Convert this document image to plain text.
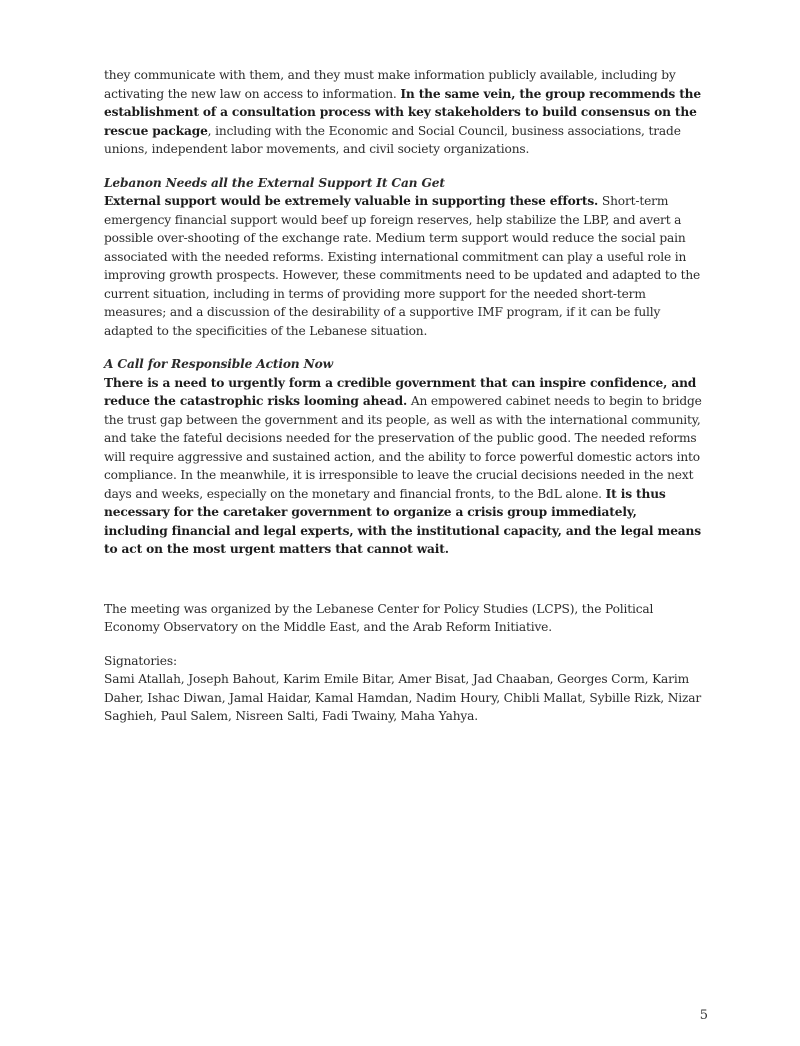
they communicate with them, and they must make information publicly available, including by activating the new law on access to information. In the same vein, the group recommends the establishment of a consultation process with key stakeholders to build consensus on the rescue package, including with the Economic and Social Council, business associations, trade unions, independent labor movements, and civil society organizations.

Lebanon Needs all the External Support It Can Get

External support would be extremely valuable in supporting these efforts. Short-term emergency financial support would beef up foreign reserves, help stabilize the LBP, and avert a possible over-shooting of the exchange rate. Medium term support would reduce the social pain associated with the needed reforms. Existing international commitment can play a useful role in improving growth prospects. However, these commitments need to be updated and adapted to the current situation, including in terms of providing more support for the needed short-term measures; and a discussion of the desirability of a supportive IMF program, if it can be fully adapted to the specificities of the Lebanese situation.

A Call for Responsible Action Now

There is a need to urgently form a credible government that can inspire confidence, and reduce the catastrophic risks looming ahead. An empowered cabinet needs to begin to bridge the trust gap between the government and its people, as well as with the international community, and take the fateful decisions needed for the preservation of the public good. The needed reforms will require aggressive and sustained action, and the ability to force powerful domestic actors into compliance. In the meanwhile, it is irresponsible to leave the crucial decisions needed in the next days and weeks, especially on the monetary and financial fronts, to the BdL alone. It is thus necessary for the caretaker government to organize a crisis group immediately, including financial and legal experts, with the institutional capacity, and the legal means to act on the most urgent matters that cannot wait.

The meeting was organized by the Lebanese Center for Policy Studies (LCPS), the Political Economy Observatory on the Middle East, and the Arab Reform Initiative.

Signatories:

Sami Atallah, Joseph Bahout, Karim Emile Bitar, Amer Bisat, Jad Chaaban, Georges Corm, Karim Daher, Ishac Diwan, Jamal Haidar, Kamal Hamdan, Nadim Houry, Chibli Mallat, Sybille Rizk, Nizar Saghieh, Paul Salem, Nisreen Salti, Fadi Twainy, Maha Yahya.

5
